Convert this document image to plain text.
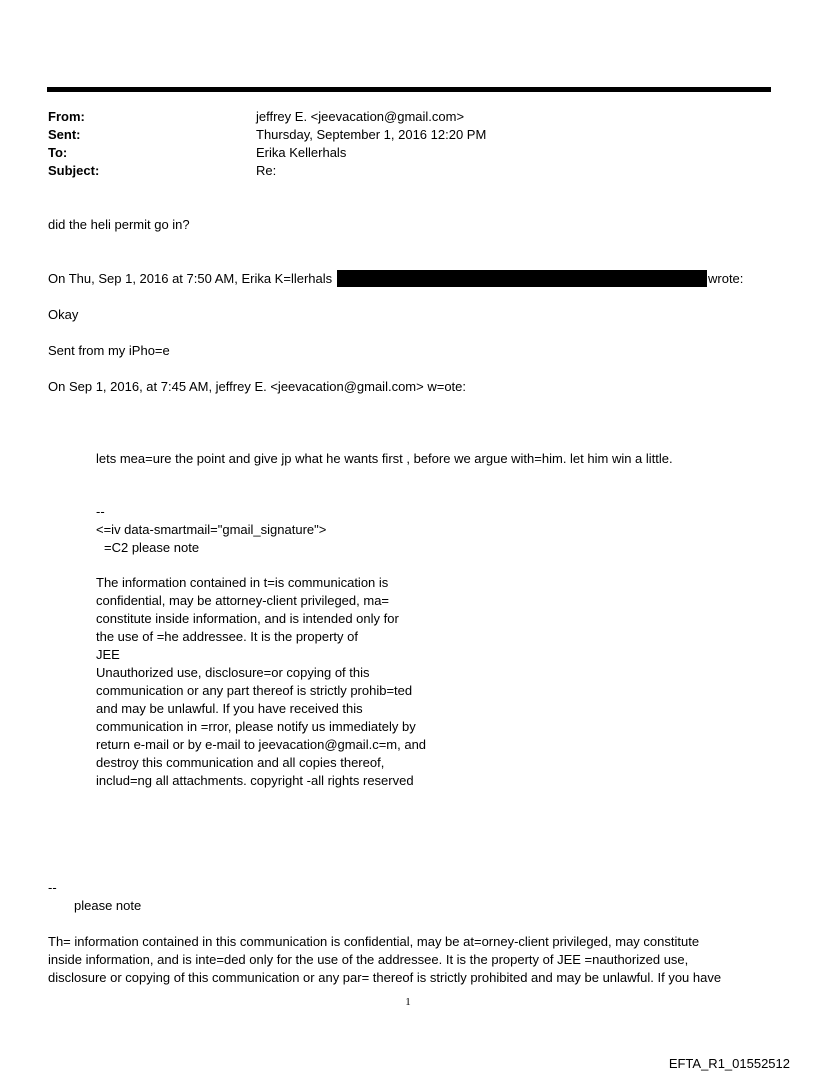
From:	jeffrey E. <jeevacation@gmail.com>
Sent:	Thursday, September 1, 2016 12:20 PM
To:	Erika Kellerhals
Subject:	Re:
did the heli permit go in?
On Thu, Sep 1, 2016 at 7:50 AM, Erika K=llerhals	wrote:
Okay
Sent from my iPho=e
On Sep 1, 2016, at 7:45 AM, jeffrey E. <jeevacation@gmail.com> w=ote:
lets mea=ure the point and give jp what he wants first , before we argue with=him. let him win a little.
--
<=iv data-smartmail="gmail_signature">
=C2 please note
The information contained in t=is communication is
confidential, may be attorney-client privileged, ma=
constitute inside information, and is intended only for
the use of =he addressee. It is the property of
JEE
Unauthorized use, disclosure=or copying of this
communication or any part thereof is strictly prohib=ted
and may be unlawful. If you have received this
communication in =rror, please notify us immediately by
return e-mail or by e-mail to jeevacation@gmail.c=m, and
destroy this communication and all copies thereof,
includ=ng all attachments. copyright -all rights reserved
--
please note
Th= information contained in this communication is confidential, may be at=orney-client privileged, may constitute
inside information, and is inte=ded only for the use of the addressee. It is the property of JEE =nauthorized use,
disclosure or copying of this communication or any par= thereof is strictly prohibited and may be unlawful. If you have
1
EFTA_R1_01552512
